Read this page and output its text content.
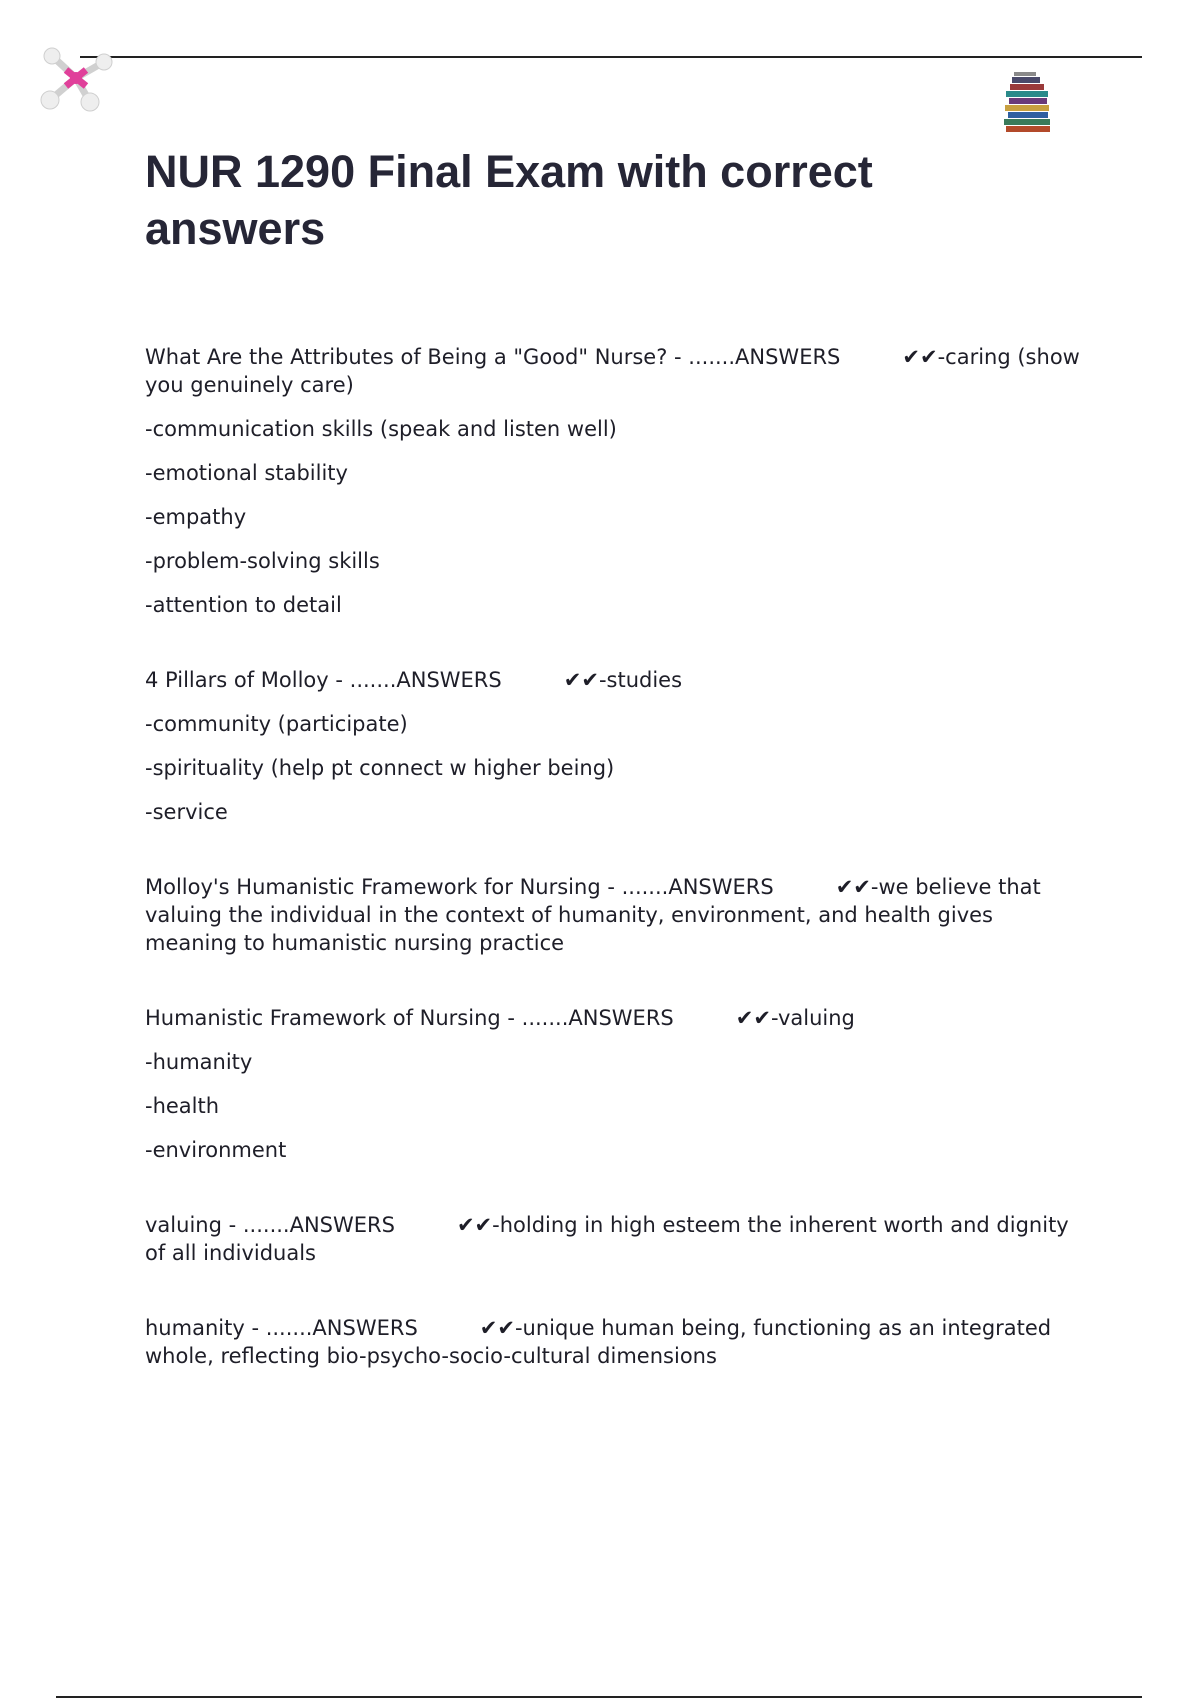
NUR 1290 Final Exam with correct answers

What Are the Attributes of Being a "Good" Nurse? - .......ANSWERS	✔✔-caring (show you genuinely care)

-communication skills (speak and listen well)

-emotional stability

-empathy

-problem-solving skills

-attention to detail

4 Pillars of Molloy - .......ANSWERS	✔✔-studies

-community (participate)

-spirituality (help pt connect w higher being)

-service

Molloy's Humanistic Framework for Nursing - .......ANSWERS	✔✔-we believe that valuing the individual in the context of humanity, environment, and health gives meaning to humanistic nursing practice

Humanistic Framework of Nursing - .......ANSWERS	✔✔-valuing

-humanity

-health

-environment

valuing - .......ANSWERS	✔✔-holding in high esteem the inherent worth and dignity of all individuals

humanity - .......ANSWERS	✔✔-unique human being, functioning as an integrated whole, reflecting bio-psycho-socio-cultural dimensions
